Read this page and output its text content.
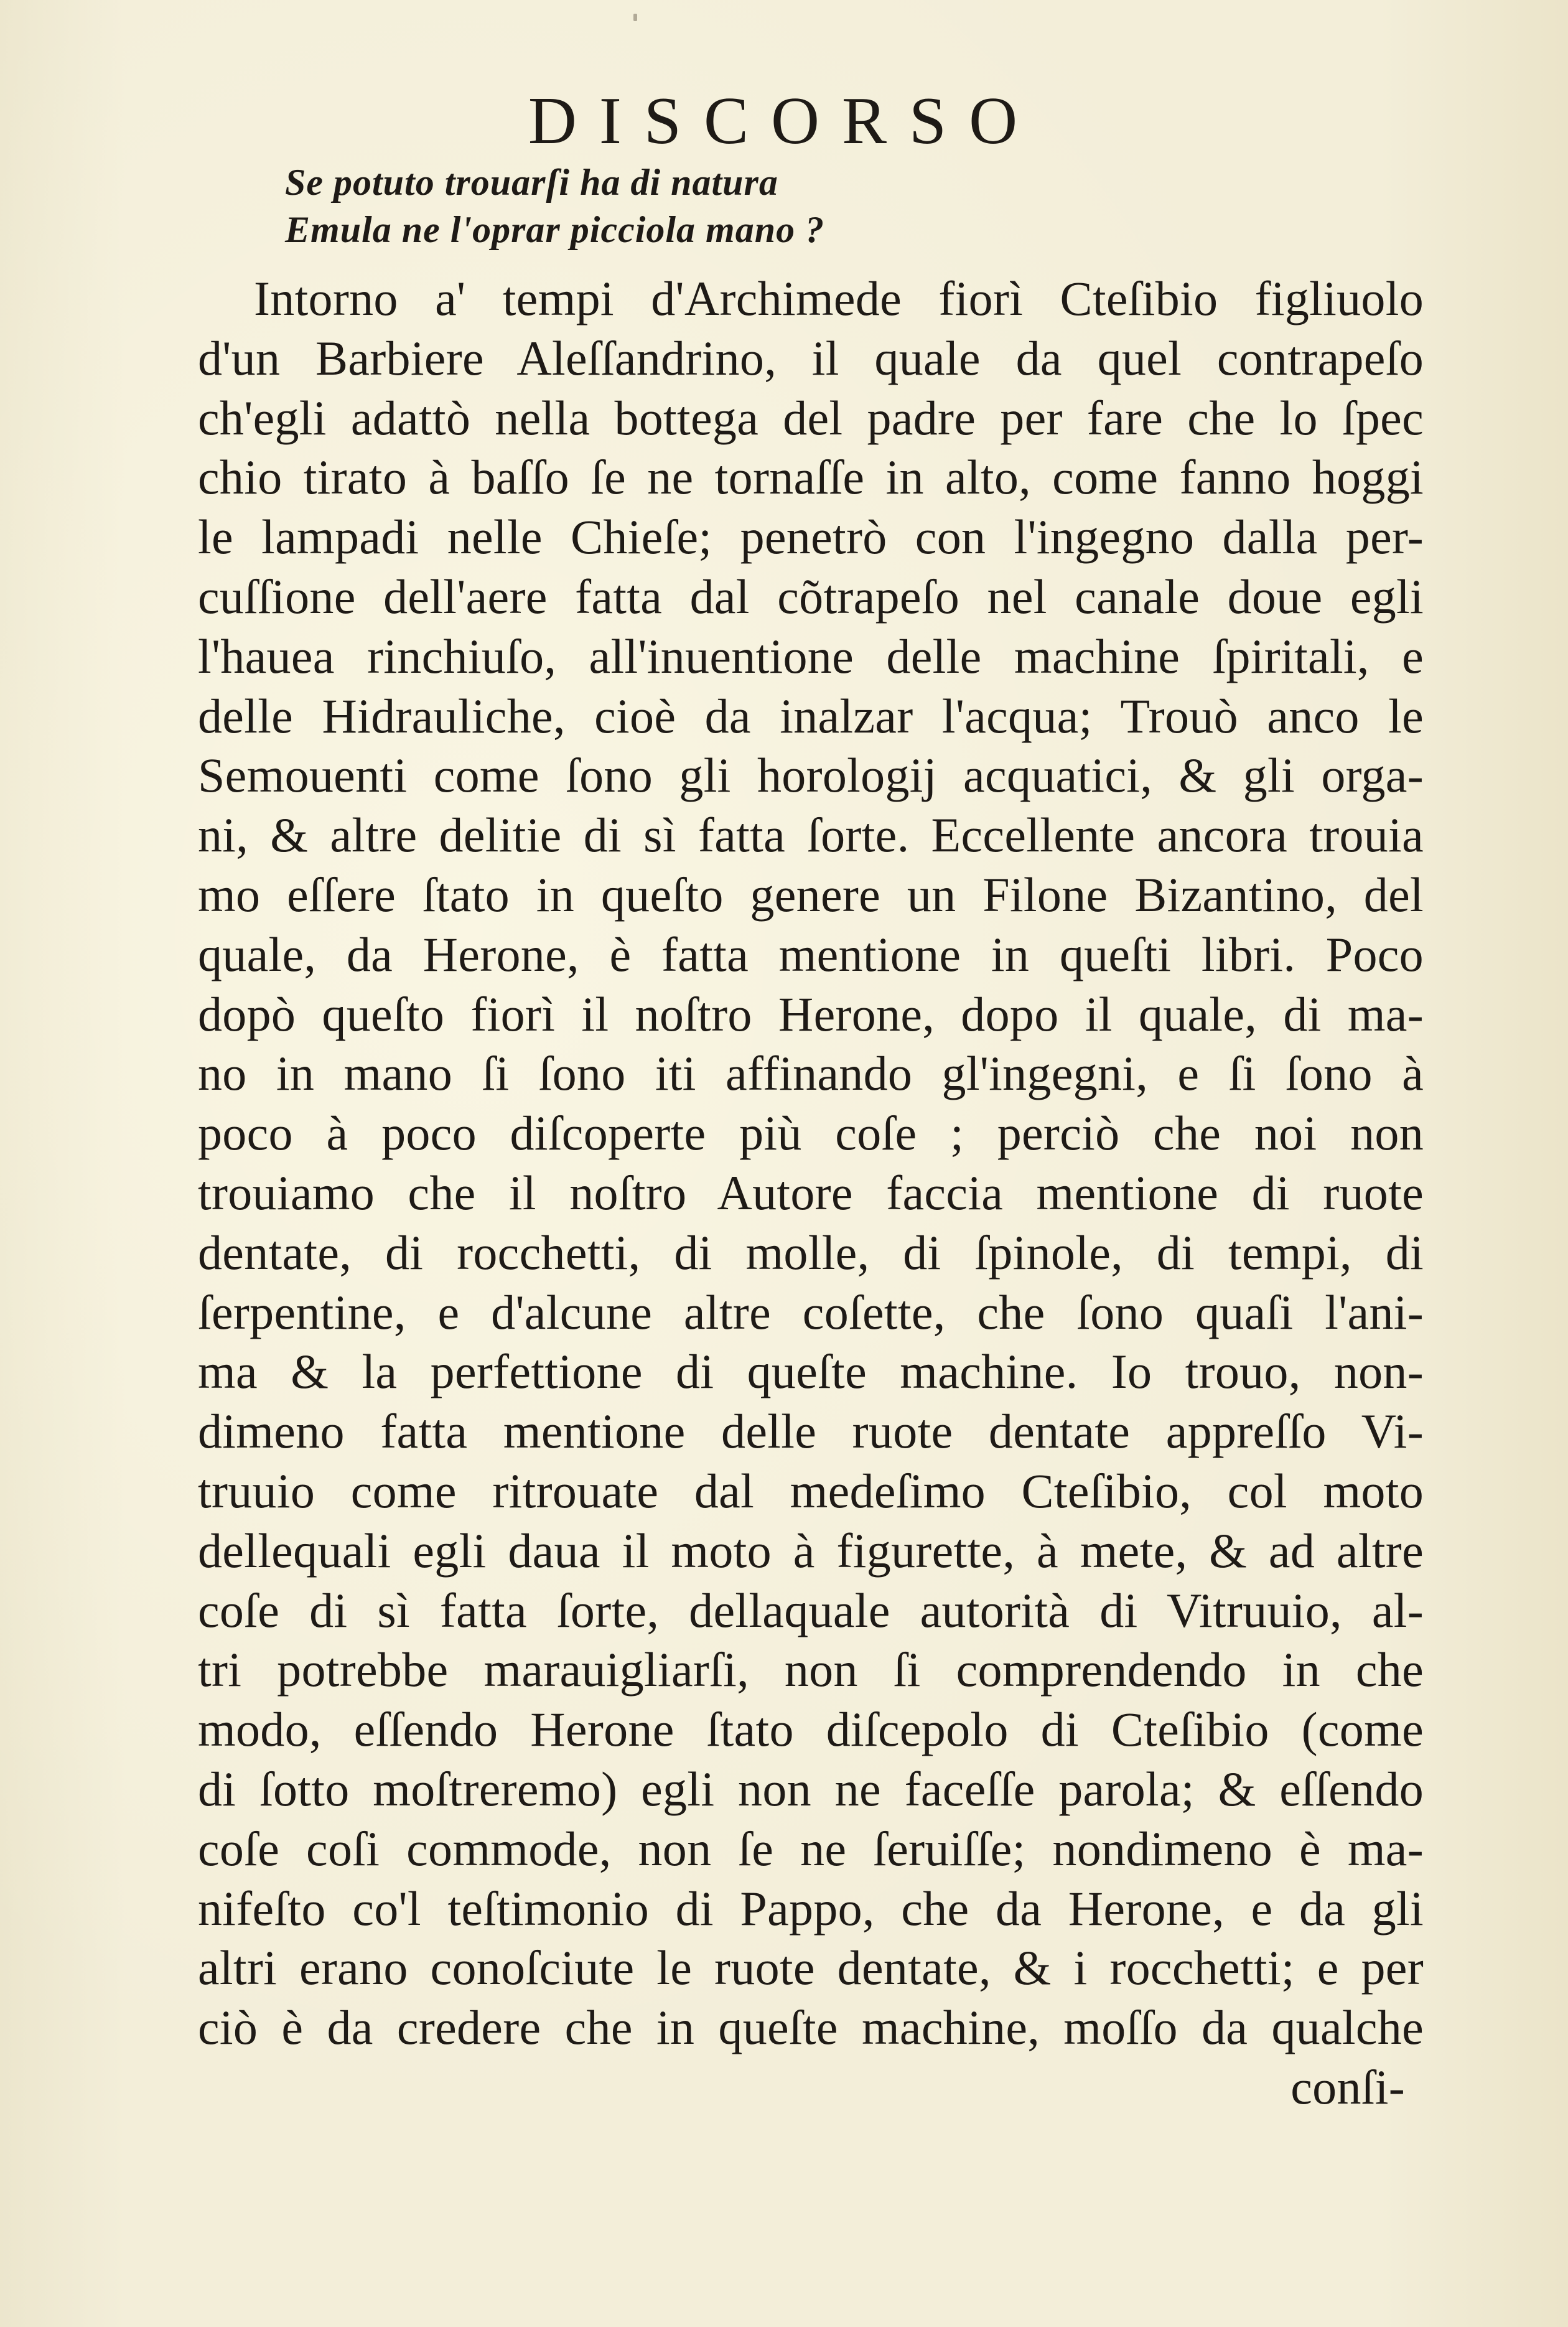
DISCORSO
Se potuto trouarſi ha di natura
Emula ne l'oprar picciola mano ?
Intorno a' tempi d'Archimede fiorì Cteſibio figliuolo
d'un Barbiere Aleſſandrino, il quale da quel contrapeſo
ch'egli adattò nella bottega del padre per fare che lo ſpec
chio tirato à baſſo ſe ne tornaſſe in alto, come fanno hoggi
le lampadi nelle Chieſe; penetrò con l'ingegno dalla per-
cuſſione dell'aere fatta dal cõtrapeſo nel canale doue egli
l'hauea rinchiuſo, all'inuentione delle machine ſpiritali, e
delle Hidrauliche, cioè da inalzar l'acqua; Trouò anco le
Semouenti come ſono gli horologij acquatici, & gli orga-
ni, & altre delitie di sì fatta ſorte. Eccellente ancora trouia
mo eſſere ſtato in queſto genere un Filone Bizantino, del
quale, da Herone, è fatta mentione in queſti libri. Poco
dopò queſto fiorì il noſtro Herone, dopo il quale, di ma-
no in mano ſi ſono iti affinando gl'ingegni, e ſi ſono à
poco à poco diſcoperte più coſe ; perciò che noi non
trouiamo che il noſtro Autore faccia mentione di ruote
dentate, di rocchetti, di molle, di ſpinole, di tempi, di
ſerpentine, e d'alcune altre coſette, che ſono quaſi l'ani-
ma & la perfettione di queſte machine. Io trouo, non-
dimeno fatta mentione delle ruote dentate appreſſo Vi-
truuio come ritrouate dal medeſimo Cteſibio, col moto
dellequali egli daua il moto à figurette, à mete, & ad altre
coſe di sì fatta ſorte, dellaquale autorità di Vitruuio, al-
tri potrebbe marauigliarſi, non ſi comprendendo in che
modo, eſſendo Herone ſtato diſcepolo di Cteſibio (come
di ſotto moſtreremo) egli non ne faceſſe parola; & eſſendo
coſe coſi commode, non ſe ne ſeruiſſe; nondimeno è ma-
nifeſto co'l teſtimonio di Pappo, che da Herone, e da gli
altri erano conoſciute le ruote dentate, & i rocchetti; e per
ciò è da credere che in queſte machine, moſſo da qualche
conſi-
